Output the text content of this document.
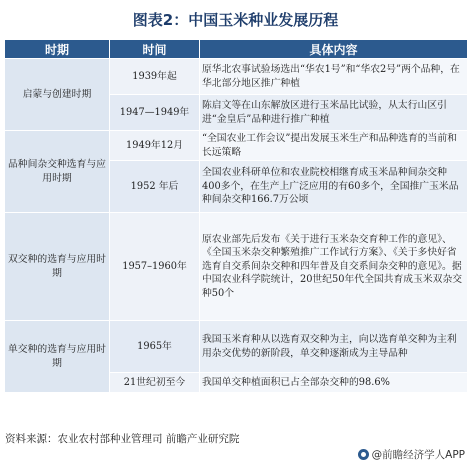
图表2：中国玉米种业发展历程
时期	时间	具体内容
启蒙与创建时期	1939年起	原华北农事试验场选出“华农1号”和“华农2号”两个品种，在华北部分地区推广种植
	1947—1949年	陈启文等在山东解放区进行玉米品比试验，从太行山区引进“金皇后”品种进行推广种植
品种间杂交种选育与应用时期	1949年12月	“全国农业工作会议”提出发展玉米生产和品种选育的当前和长远策略
	1952 年后	全国农业科研单位和农业院校相继育成玉米品种间杂交种400多个，在生产上广泛应用的有60多个，全国推广玉米品种间杂交种166.7万公顷
双交种的选育与应用时期	1957–1960年	原农业部先后发布《关于进行玉米杂交育种工作的意见》、《全国玉米杂交种繁殖推广工作试行方案》、《关于多快好省选育自交系间杂交种和四年普及自交系间杂交种的意见》。据中国农业科学院统计，20世纪50年代全国共育成玉米双杂交种50个
单交种的选育与应用时期	1965年	我国玉米育种从以选育双交种为主，向以选育单交种为主利用杂交优势的新阶段，单交种逐渐成为主导品种
	21世纪初至今	我国单交种植面积已占全部杂交种的98.6%
资料来源：农业农村部种业管理司 前瞻产业研究院
@前瞻经济学人APP
